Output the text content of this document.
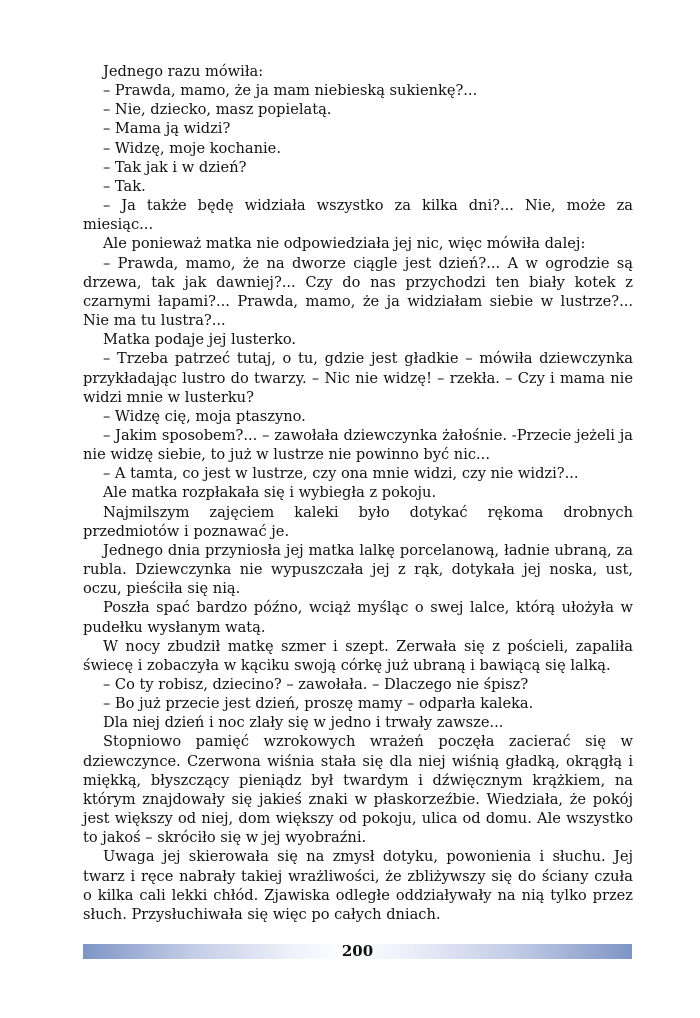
Jednego razu mówiła:

– Prawda, mamo, że ja mam niebieską sukienkę?...

– Nie, dziecko, masz popielatą.

– Mama ją widzi?

– Widzę, moje kochanie.

– Tak jak i w dzień?

– Tak.

– Ja także będę widziała wszystko za kilka dni?... Nie, może za miesiąc...

Ale ponieważ matka nie odpowiedziała jej nic, więc mówiła dalej:

– Prawda, mamo, że na dworze ciągle jest dzień?... A w ogrodzie są drzewa, tak jak dawniej?... Czy do nas przychodzi ten biały kotek z czarnymi łapami?... Prawda, mamo, że ja widziałam siebie w lustrze?... Nie ma tu lustra?...

Matka podaje jej lusterko.

– Trzeba patrzeć tutaj, o tu, gdzie jest gładkie – mówiła dziewczynka przykładając lustro do twarzy. – Nic nie widzę! – rzekła. – Czy i mama nie widzi mnie w lusterku?

– Widzę cię, moja ptaszyno.

– Jakim sposobem?... – zawołała dziewczynka żałośnie. -Przecie jeżeli ja nie widzę siebie, to już w lustrze nie powinno być nic...

– A tamta, co jest w lustrze, czy ona mnie widzi, czy nie widzi?...

Ale matka rozpłakała się i wybiegła z pokoju.

Najmilszym zajęciem kaleki było dotykać rękoma drobnych przedmiotów i poznawać je.

Jednego dnia przyniosła jej matka lalkę porcelanową, ładnie ubraną, za rubla. Dziewczynka nie wypuszczała jej z rąk, dotykała jej noska, ust, oczu, pieściła się nią.

Poszła spać bardzo późno, wciąż myśląc o swej lalce, którą ułożyła w pudełku wysłanym watą.

W nocy zbudził matkę szmer i szept. Zerwała się z pościeli, zapaliła świecę i zobaczyła w kąciku swoją córkę już ubraną i bawiącą się lalką.

– Co ty robisz, dziecino? – zawołała. – Dlaczego nie śpisz?

– Bo już przecie jest dzień, proszę mamy – odparła kaleka.

Dla niej dzień i noc zlały się w jedno i trwały zawsze...

Stopniowo pamięć wzrokowych wrażeń poczęła zacierać się w dziewczynce. Czerwona wiśnia stała się dla niej wiśnią gładką, okrągłą i miękką, błyszczący pieniądz był twardym i dźwięcznym krążkiem, na którym znajdowały się jakieś znaki w płaskorzeźbie. Wiedziała, że pokój jest większy od niej, dom większy od pokoju, ulica od domu. Ale wszystko to jakoś – skróciło się w jej wyobraźni.

Uwaga jej skierowała się na zmysł dotyku, powonienia i słuchu. Jej twarz i ręce nabrały takiej wrażliwości, że zbliżywszy się do ściany czuła o kilka cali lekki chłód. Zjawiska odległe oddziaływały na nią tylko przez słuch. Przysłuchiwała się więc po całych dniach.

200
